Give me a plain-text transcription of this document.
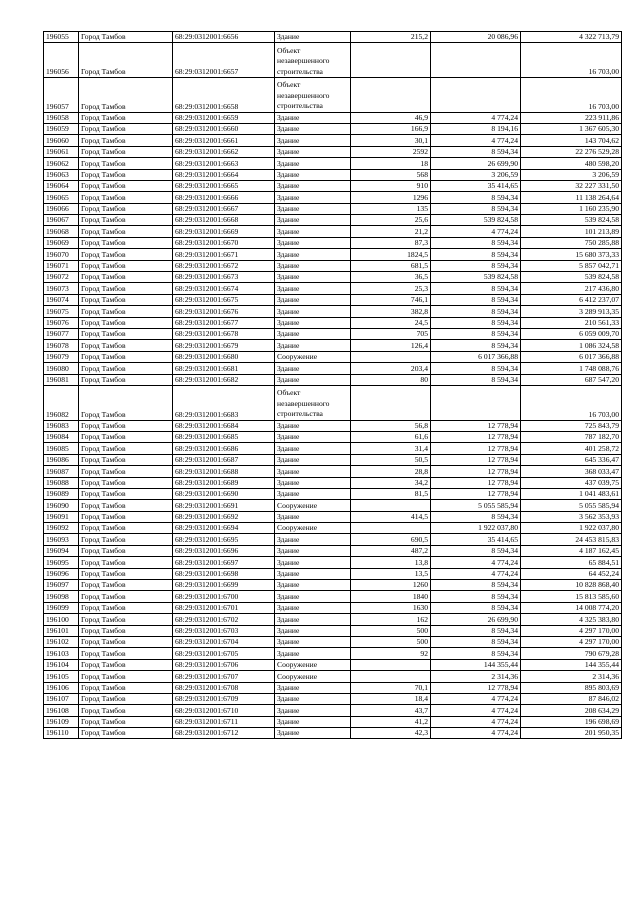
196055	Город Тамбов	68:29:0312001:6656	Здание	215,2	20 086,96	4 322 713,79
196056	Город Тамбов	68:29:0312001:6657	Объект незавершенного строительства			16 703,00
196057	Город Тамбов	68:29:0312001:6658	Объект незавершенного строительства			16 703,00
196058	Город Тамбов	68:29:0312001:6659	Здание	46,9	4 774,24	223 911,86
196059	Город Тамбов	68:29:0312001:6660	Здание	166,9	8 194,16	1 367 605,30
196060	Город Тамбов	68:29:0312001:6661	Здание	30,1	4 774,24	143 704,62
196061	Город Тамбов	68:29:0312001:6662	Здание	2592	8 594,34	22 276 529,28
196062	Город Тамбов	68:29:0312001:6663	Здание	18	26 699,90	480 598,20
196063	Город Тамбов	68:29:0312001:6664	Здание	568	3 206,59	3 206,59
196064	Город Тамбов	68:29:0312001:6665	Здание	910	35 414,65	32 227 331,50
196065	Город Тамбов	68:29:0312001:6666	Здание	1296	8 594,34	11 138 264,64
196066	Город Тамбов	68:29:0312001:6667	Здание	135	8 594,34	1 160 235,90
196067	Город Тамбов	68:29:0312001:6668	Здание	25,6	539 824,58	539 824,58
196068	Город Тамбов	68:29:0312001:6669	Здание	21,2	4 774,24	101 213,89
196069	Город Тамбов	68:29:0312001:6670	Здание	87,3	8 594,34	750 285,88
196070	Город Тамбов	68:29:0312001:6671	Здание	1824,5	8 594,34	15 680 373,33
196071	Город Тамбов	68:29:0312001:6672	Здание	681,5	8 594,34	5 857 042,71
196072	Город Тамбов	68:29:0312001:6673	Здание	36,5	539 824,58	539 824,58
196073	Город Тамбов	68:29:0312001:6674	Здание	25,3	8 594,34	217 436,80
196074	Город Тамбов	68:29:0312001:6675	Здание	746,1	8 594,34	6 412 237,07
196075	Город Тамбов	68:29:0312001:6676	Здание	382,8	8 594,34	3 289 913,35
196076	Город Тамбов	68:29:0312001:6677	Здание	24,5	8 594,34	210 561,33
196077	Город Тамбов	68:29:0312001:6678	Здание	705	8 594,34	6 059 009,70
196078	Город Тамбов	68:29:0312001:6679	Здание	126,4	8 594,34	1 086 324,58
196079	Город Тамбов	68:29:0312001:6680	Сооружение		6 017 366,88	6 017 366,88
196080	Город Тамбов	68:29:0312001:6681	Здание	203,4	8 594,34	1 748 088,76
196081	Город Тамбов	68:29:0312001:6682	Здание	80	8 594,34	687 547,20
196082	Город Тамбов	68:29:0312001:6683	Объект незавершенного строительства			16 703,00
196083	Город Тамбов	68:29:0312001:6684	Здание	56,8	12 778,94	725 843,79
196084	Город Тамбов	68:29:0312001:6685	Здание	61,6	12 778,94	787 182,70
196085	Город Тамбов	68:29:0312001:6686	Здание	31,4	12 778,94	401 258,72
196086	Город Тамбов	68:29:0312001:6687	Здание	50,5	12 778,94	645 336,47
196087	Город Тамбов	68:29:0312001:6688	Здание	28,8	12 778,94	368 033,47
196088	Город Тамбов	68:29:0312001:6689	Здание	34,2	12 778,94	437 039,75
196089	Город Тамбов	68:29:0312001:6690	Здание	81,5	12 778,94	1 041 483,61
196090	Город Тамбов	68:29:0312001:6691	Сооружение		5 055 585,94	5 055 585,94
196091	Город Тамбов	68:29:0312001:6692	Здание	414,5	8 594,34	3 562 353,93
196092	Город Тамбов	68:29:0312001:6694	Сооружение		1 922 037,80	1 922 037,80
196093	Город Тамбов	68:29:0312001:6695	Здание	690,5	35 414,65	24 453 815,83
196094	Город Тамбов	68:29:0312001:6696	Здание	487,2	8 594,34	4 187 162,45
196095	Город Тамбов	68:29:0312001:6697	Здание	13,8	4 774,24	65 884,51
196096	Город Тамбов	68:29:0312001:6698	Здание	13,5	4 774,24	64 452,24
196097	Город Тамбов	68:29:0312001:6699	Здание	1260	8 594,34	10 828 868,40
196098	Город Тамбов	68:29:0312001:6700	Здание	1840	8 594,34	15 813 585,60
196099	Город Тамбов	68:29:0312001:6701	Здание	1630	8 594,34	14 008 774,20
196100	Город Тамбов	68:29:0312001:6702	Здание	162	26 699,90	4 325 383,80
196101	Город Тамбов	68:29:0312001:6703	Здание	500	8 594,34	4 297 170,00
196102	Город Тамбов	68:29:0312001:6704	Здание	500	8 594,34	4 297 170,00
196103	Город Тамбов	68:29:0312001:6705	Здание	92	8 594,34	790 679,28
196104	Город Тамбов	68:29:0312001:6706	Сооружение		144 355,44	144 355,44
196105	Город Тамбов	68:29:0312001:6707	Сооружение		2 314,36	2 314,36
196106	Город Тамбов	68:29:0312001:6708	Здание	70,1	12 778,94	895 803,69
196107	Город Тамбов	68:29:0312001:6709	Здание	18,4	4 774,24	87 846,02
196108	Город Тамбов	68:29:0312001:6710	Здание	43,7	4 774,24	208 634,29
196109	Город Тамбов	68:29:0312001:6711	Здание	41,2	4 774,24	196 698,69
196110	Город Тамбов	68:29:0312001:6712	Здание	42,3	4 774,24	201 950,35
